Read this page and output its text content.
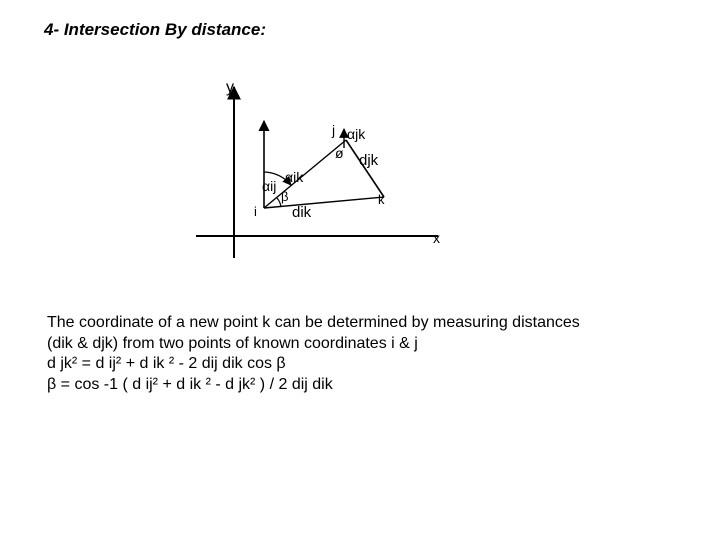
4- Intersection By distance:
y
x
i
j
k
αij
αik
αjk
β
ø
dik
djk
The coordinate of a new point k can be determined by measuring distances
(dik & djk) from two points of known coordinates i & j
d jk² = d ij² + d ik ² - 2 dij dik cos β
β = cos -1 ( d ij² + d ik ² - d jk² ) / 2 dij dik
